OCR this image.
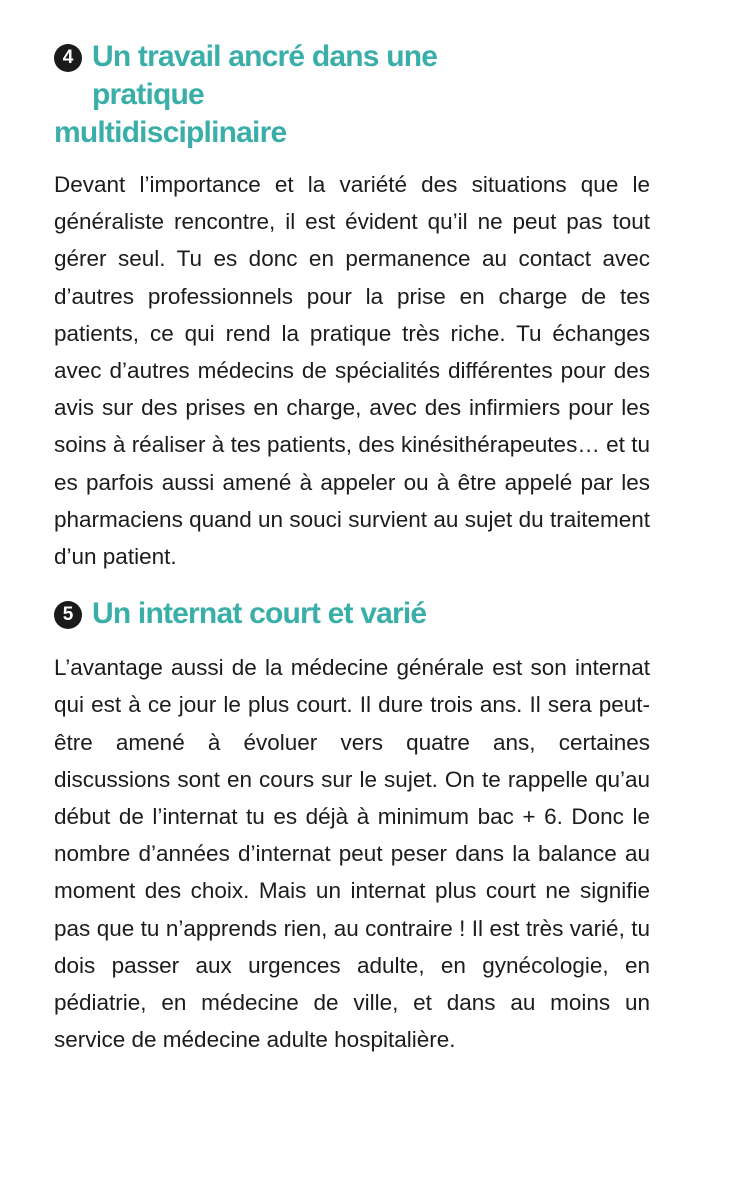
4 Un travail ancré dans une pratique
multidisciplinaire

Devant l’importance et la variété des situations que le généraliste rencontre, il est évident qu’il ne peut pas tout gérer seul. Tu es donc en permanence au contact avec d’autres professionnels pour la prise en charge de tes patients, ce qui rend la pratique très riche. Tu échanges avec d’autres médecins de spécialités différentes pour des avis sur des prises en charge, avec des infirmiers pour les soins à réaliser à tes patients, des kinésithérapeutes… et tu es parfois aussi amené à appeler ou à être appelé par les pharmaciens quand un souci survient au sujet du traitement d’un patient.

5 Un internat court et varié

L’avantage aussi de la médecine générale est son internat qui est à ce jour le plus court. Il dure trois ans. Il sera peut-être amené à évoluer vers quatre ans, certaines discussions sont en cours sur le sujet. On te rappelle qu’au début de l’internat tu es déjà à minimum bac + 6. Donc le nombre d’années d’internat peut peser dans la balance au moment des choix. Mais un internat plus court ne signifie pas que tu n’apprends rien, au contraire ! Il est très varié, tu dois passer aux urgences adulte, en gynécologie, en pédiatrie, en médecine de ville, et dans au moins un service de médecine adulte hospitalière.
